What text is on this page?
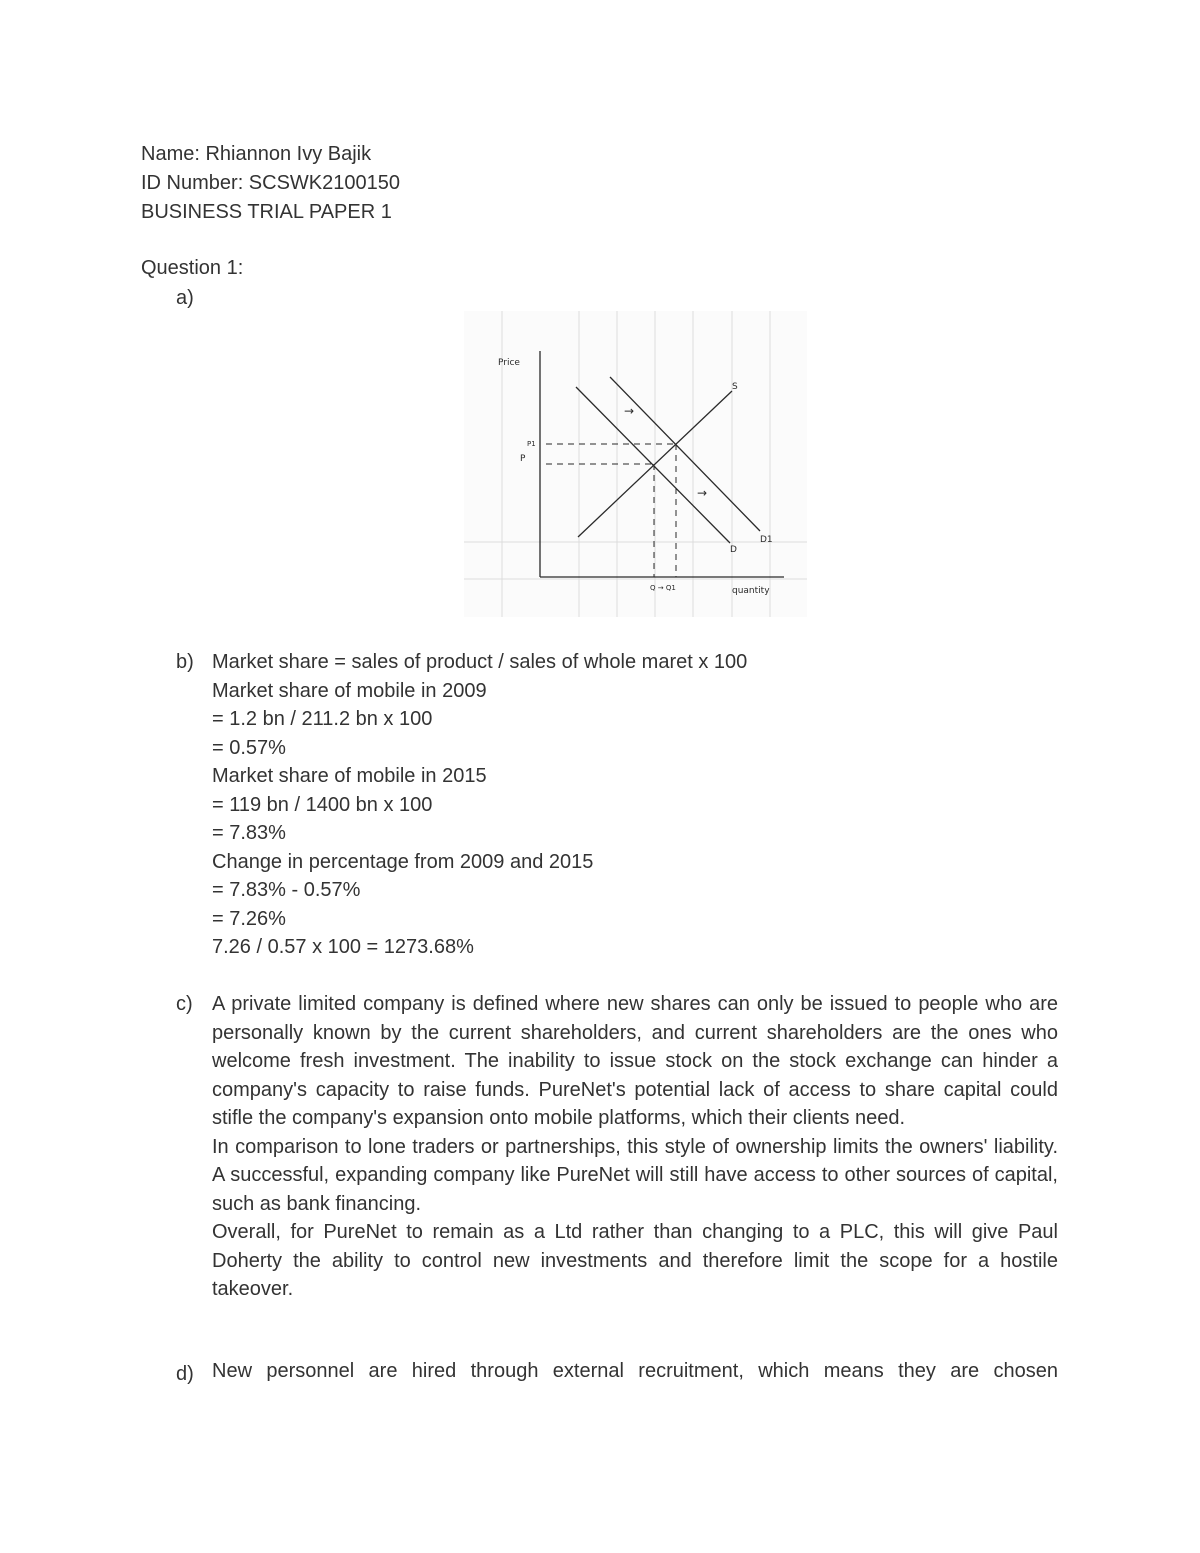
Name: Rhiannon Ivy Bajik
ID Number: SCSWK2100150
BUSINESS TRIAL PAPER 1
Question 1:
a)
Price
quantity
S
D
D1
P
P1
Q → Q1
→
→
b) Market share = sales of product / sales of whole maret x 100
Market share of mobile in 2009
= 1.2 bn / 211.2 bn x 100
= 0.57%
Market share of mobile in 2015
= 119 bn / 1400 bn x 100
= 7.83%
Change in percentage from 2009 and 2015
= 7.83% - 0.57%
= 7.26%
7.26 / 0.57 x 100 = 1273.68%
c) A private limited company is defined where new shares can only be issued to people who are personally known by the current shareholders, and current shareholders are the ones who welcome fresh investment. The inability to issue stock on the stock exchange can hinder a company's capacity to raise funds. PureNet's potential lack of access to share capital could stifle the company's expansion onto mobile platforms, which their clients need.
In comparison to lone traders or partnerships, this style of ownership limits the owners' liability. A successful, expanding company like PureNet will still have access to other sources of capital, such as bank financing.
Overall, for PureNet to remain as a Ltd rather than changing to a PLC, this will give Paul Doherty the ability to control new investments and therefore limit the scope for a hostile takeover.
d) New personnel are hired through external recruitment, which means they are chosen
